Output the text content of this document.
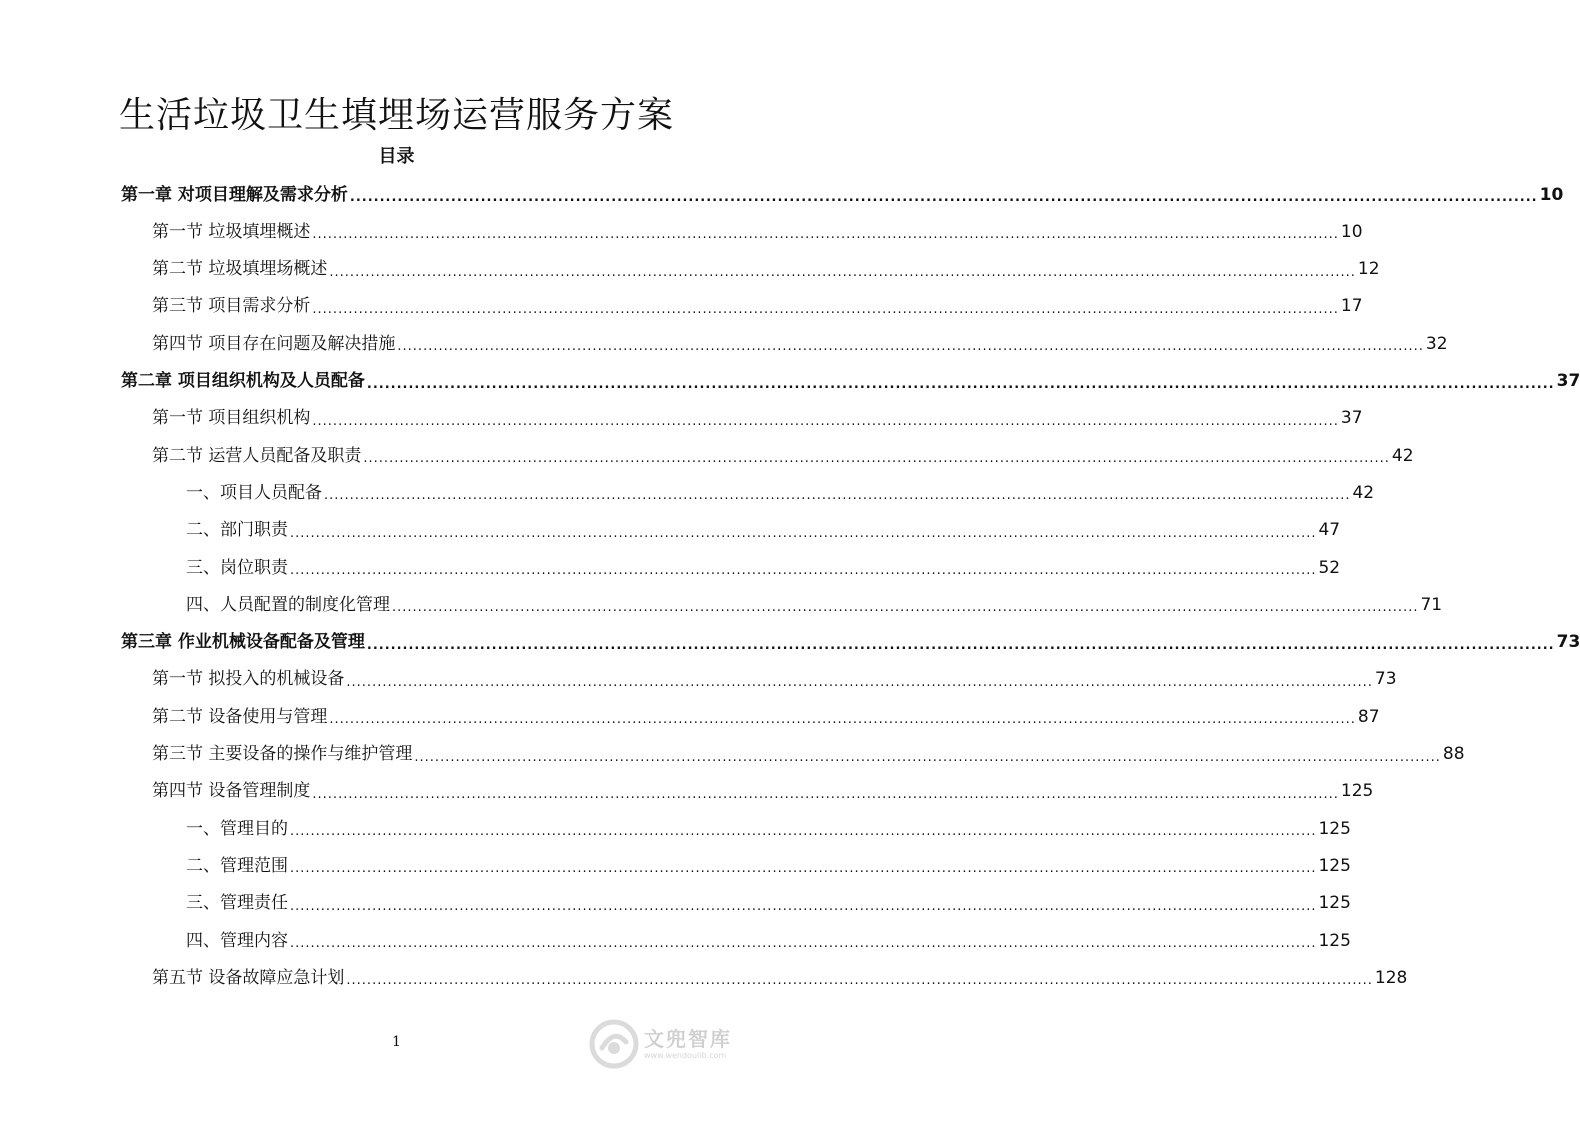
生活垃圾卫生填埋场运营服务方案
目录
第一章 对项目理解及需求分析 ........................................................................................................................................................................................................ 10
第一节 垃圾填埋概述 ........................................................................................................................................................................................................ 10
第二节 垃圾填埋场概述 ........................................................................................................................................................................................................ 12
第三节 项目需求分析 ........................................................................................................................................................................................................ 17
第四节 项目存在问题及解决措施 ........................................................................................................................................................................................................ 32
第二章 项目组织机构及人员配备 ........................................................................................................................................................................................................ 37
第一节 项目组织机构 ........................................................................................................................................................................................................ 37
第二节 运营人员配备及职责 ........................................................................................................................................................................................................ 42
一、项目人员配备 ........................................................................................................................................................................................................ 42
二、部门职责 ........................................................................................................................................................................................................ 47
三、岗位职责 ........................................................................................................................................................................................................ 52
四、人员配置的制度化管理 ........................................................................................................................................................................................................ 71
第三章 作业机械设备配备及管理 ........................................................................................................................................................................................................ 73
第一节 拟投入的机械设备 ........................................................................................................................................................................................................ 73
第二节 设备使用与管理 ........................................................................................................................................................................................................ 87
第三节 主要设备的操作与维护管理 ........................................................................................................................................................................................................ 88
第四节 设备管理制度 ........................................................................................................................................................................................................ 125
一、管理目的 ........................................................................................................................................................................................................ 125
二、管理范围 ........................................................................................................................................................................................................ 125
三、管理责任 ........................................................................................................................................................................................................ 125
四、管理内容 ........................................................................................................................................................................................................ 125
第五节 设备故障应急计划 ........................................................................................................................................................................................................ 128
1	文兜智库
www.wendoulib.com
